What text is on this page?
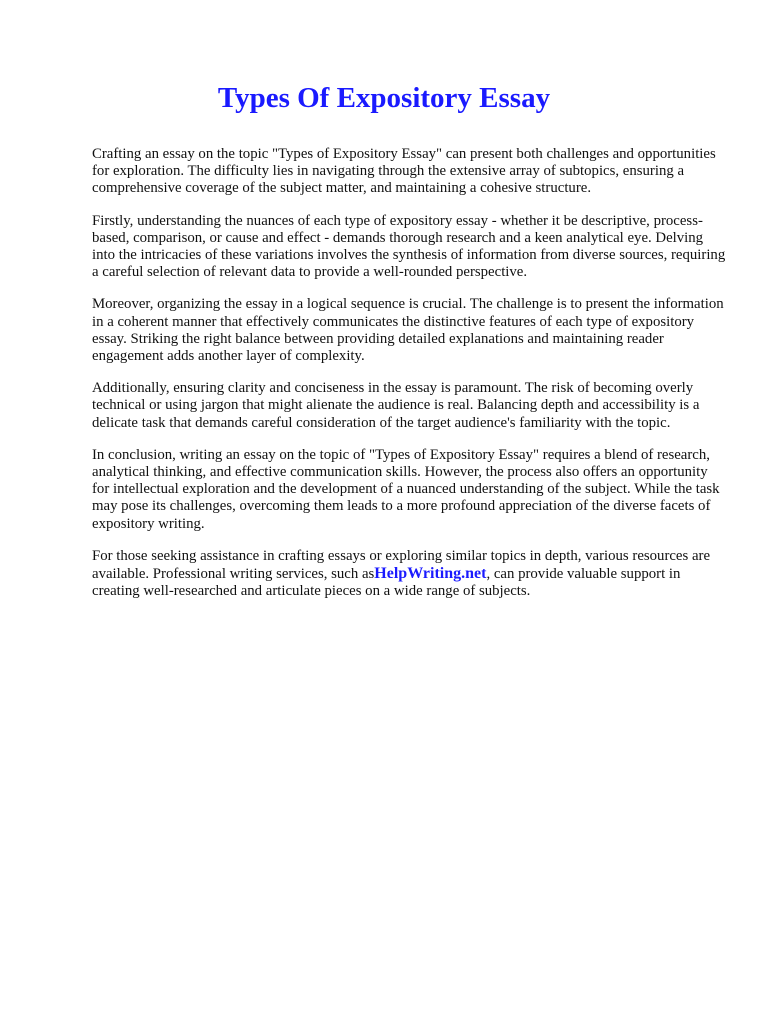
Types Of Expository Essay

Crafting an essay on the topic "Types of Expository Essay" can present both challenges and opportunities for exploration. The difficulty lies in navigating through the extensive array of subtopics, ensuring a comprehensive coverage of the subject matter, and maintaining a cohesive structure.

Firstly, understanding the nuances of each type of expository essay - whether it be descriptive, process-based, comparison, or cause and effect - demands thorough research and a keen analytical eye. Delving into the intricacies of these variations involves the synthesis of information from diverse sources, requiring a careful selection of relevant data to provide a well-rounded perspective.

Moreover, organizing the essay in a logical sequence is crucial. The challenge is to present the information in a coherent manner that effectively communicates the distinctive features of each type of expository essay. Striking the right balance between providing detailed explanations and maintaining reader engagement adds another layer of complexity.

Additionally, ensuring clarity and conciseness in the essay is paramount. The risk of becoming overly technical or using jargon that might alienate the audience is real. Balancing depth and accessibility is a delicate task that demands careful consideration of the target audience's familiarity with the topic.

In conclusion, writing an essay on the topic of "Types of Expository Essay" requires a blend of research, analytical thinking, and effective communication skills. However, the process also offers an opportunity for intellectual exploration and the development of a nuanced understanding of the subject. While the task may pose its challenges, overcoming them leads to a more profound appreciation of the diverse facets of expository writing.

For those seeking assistance in crafting essays or exploring similar topics in depth, various resources are available. Professional writing services, such asHelpWriting.net, can provide valuable support in creating well-researched and articulate pieces on a wide range of subjects.
